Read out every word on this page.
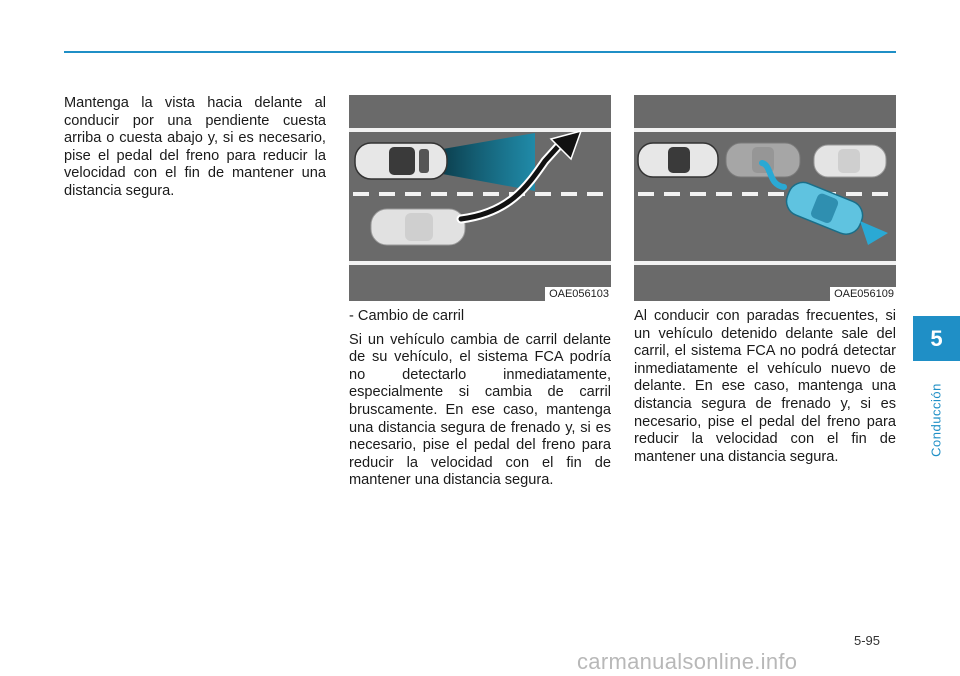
Mantenga la vista hacia delante al conducir por una pendiente cuesta arriba o cuesta abajo y, si es necesario, pise el pedal del freno para reducir la velocidad con el fin de mantener una distancia segura.

OAE056103	OAE056109

- Cambio de carril

Si un vehículo cambia de carril delante de su vehículo, el sistema FCA podría no detectarlo inmediatamente, especialmente si cambia de carril bruscamente. En ese caso, mantenga una distancia segura de frenado y, si es necesario, pise el pedal del freno para reducir la velocidad con el fin de mantener una distancia segura.

Al conducir con paradas frecuentes, si un vehículo detenido delante sale del carril, el sistema FCA no podrá detectar inmediatamente el vehículo nuevo de delante. En ese caso, mantenga una distancia segura de frenado y, si es necesario, pise el pedal del freno para reducir la velocidad con el fin de mantener una distancia segura.

5
Conducción
5-95
carmanualsonline.info
